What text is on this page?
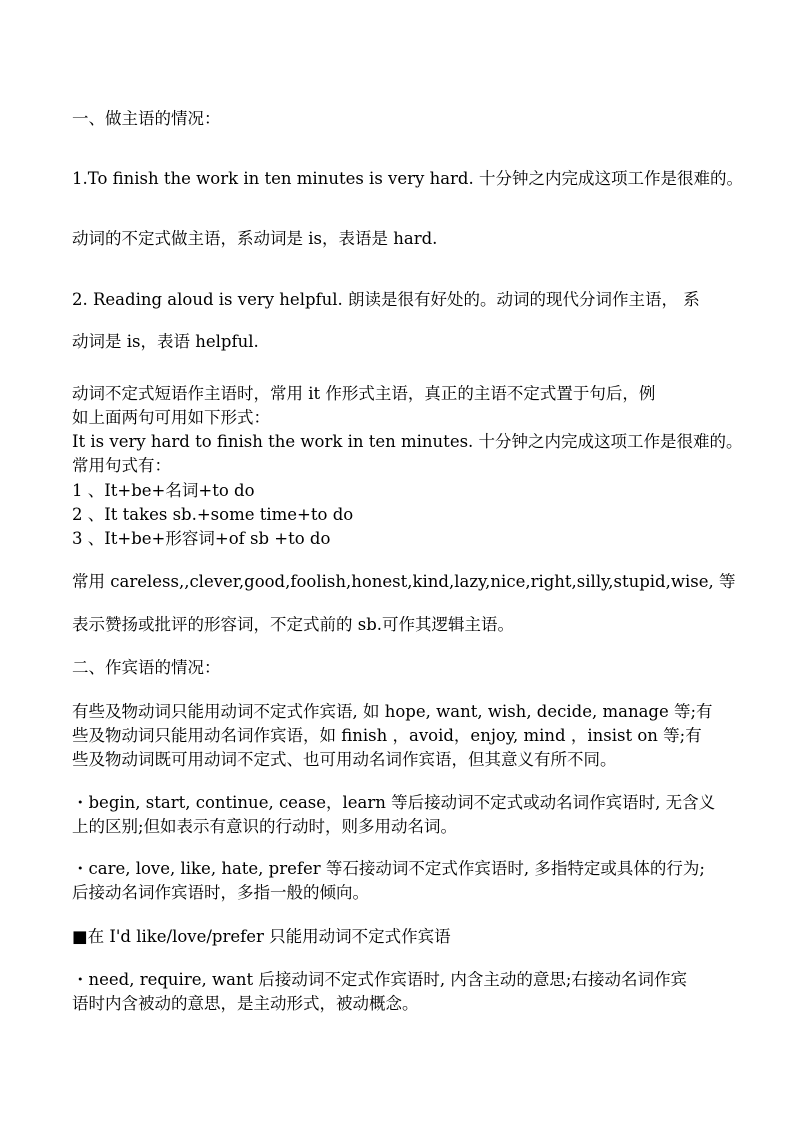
一、做主语的情况：
1.To finish the work in ten minutes is very hard. 十分钟之内完成这项工作是很难的。
动词的不定式做主语，系动词是 is，表语是 hard.
2. Reading aloud is very helpful. 朗读是很有好处的。动词的现代分词作主语， 系
动词是 is，表语 helpful.
动词不定式短语作主语时，常用 it 作形式主语，真正的主语不定式置于句后，例
如上面两句可用如下形式：
It is very hard to finish the work in ten minutes. 十分钟之内完成这项工作是很难的。
常用句式有：
1 、It+be+名词+to do
2 、It takes sb.+some time+to do
3 、It+be+形容词+of sb +to do
常用 careless,,clever,good,foolish,honest,kind,lazy,nice,right,silly,stupid,wise, 等
表示赞扬或批评的形容词，不定式前的 sb.可作其逻辑主语。
二、作宾语的情况：
有些及物动词只能用动词不定式作宾语, 如 hope, want, wish, decide, manage 等;有
些及物动词只能用动名词作宾语，如 finish ，avoid，enjoy, mind ，insist on 等;有
些及物动词既可用动词不定式、也可用动名词作宾语，但其意义有所不同。
・begin, start, continue, cease，learn 等后接动词不定式或动名词作宾语时, 无含义
上的区别;但如表示有意识的行动时，则多用动名词。
・care, love, like, hate, prefer 等石接动词不定式作宾语时, 多指特定或具体的行为;
后接动名词作宾语时，多指一般的倾向。
■在 I'd like/love/prefer 只能用动词不定式作宾语
・need, require, want 后接动词不定式作宾语时, 内含主动的意思;右接动名词作宾
语时内含被动的意思，是主动形式，被动概念。
